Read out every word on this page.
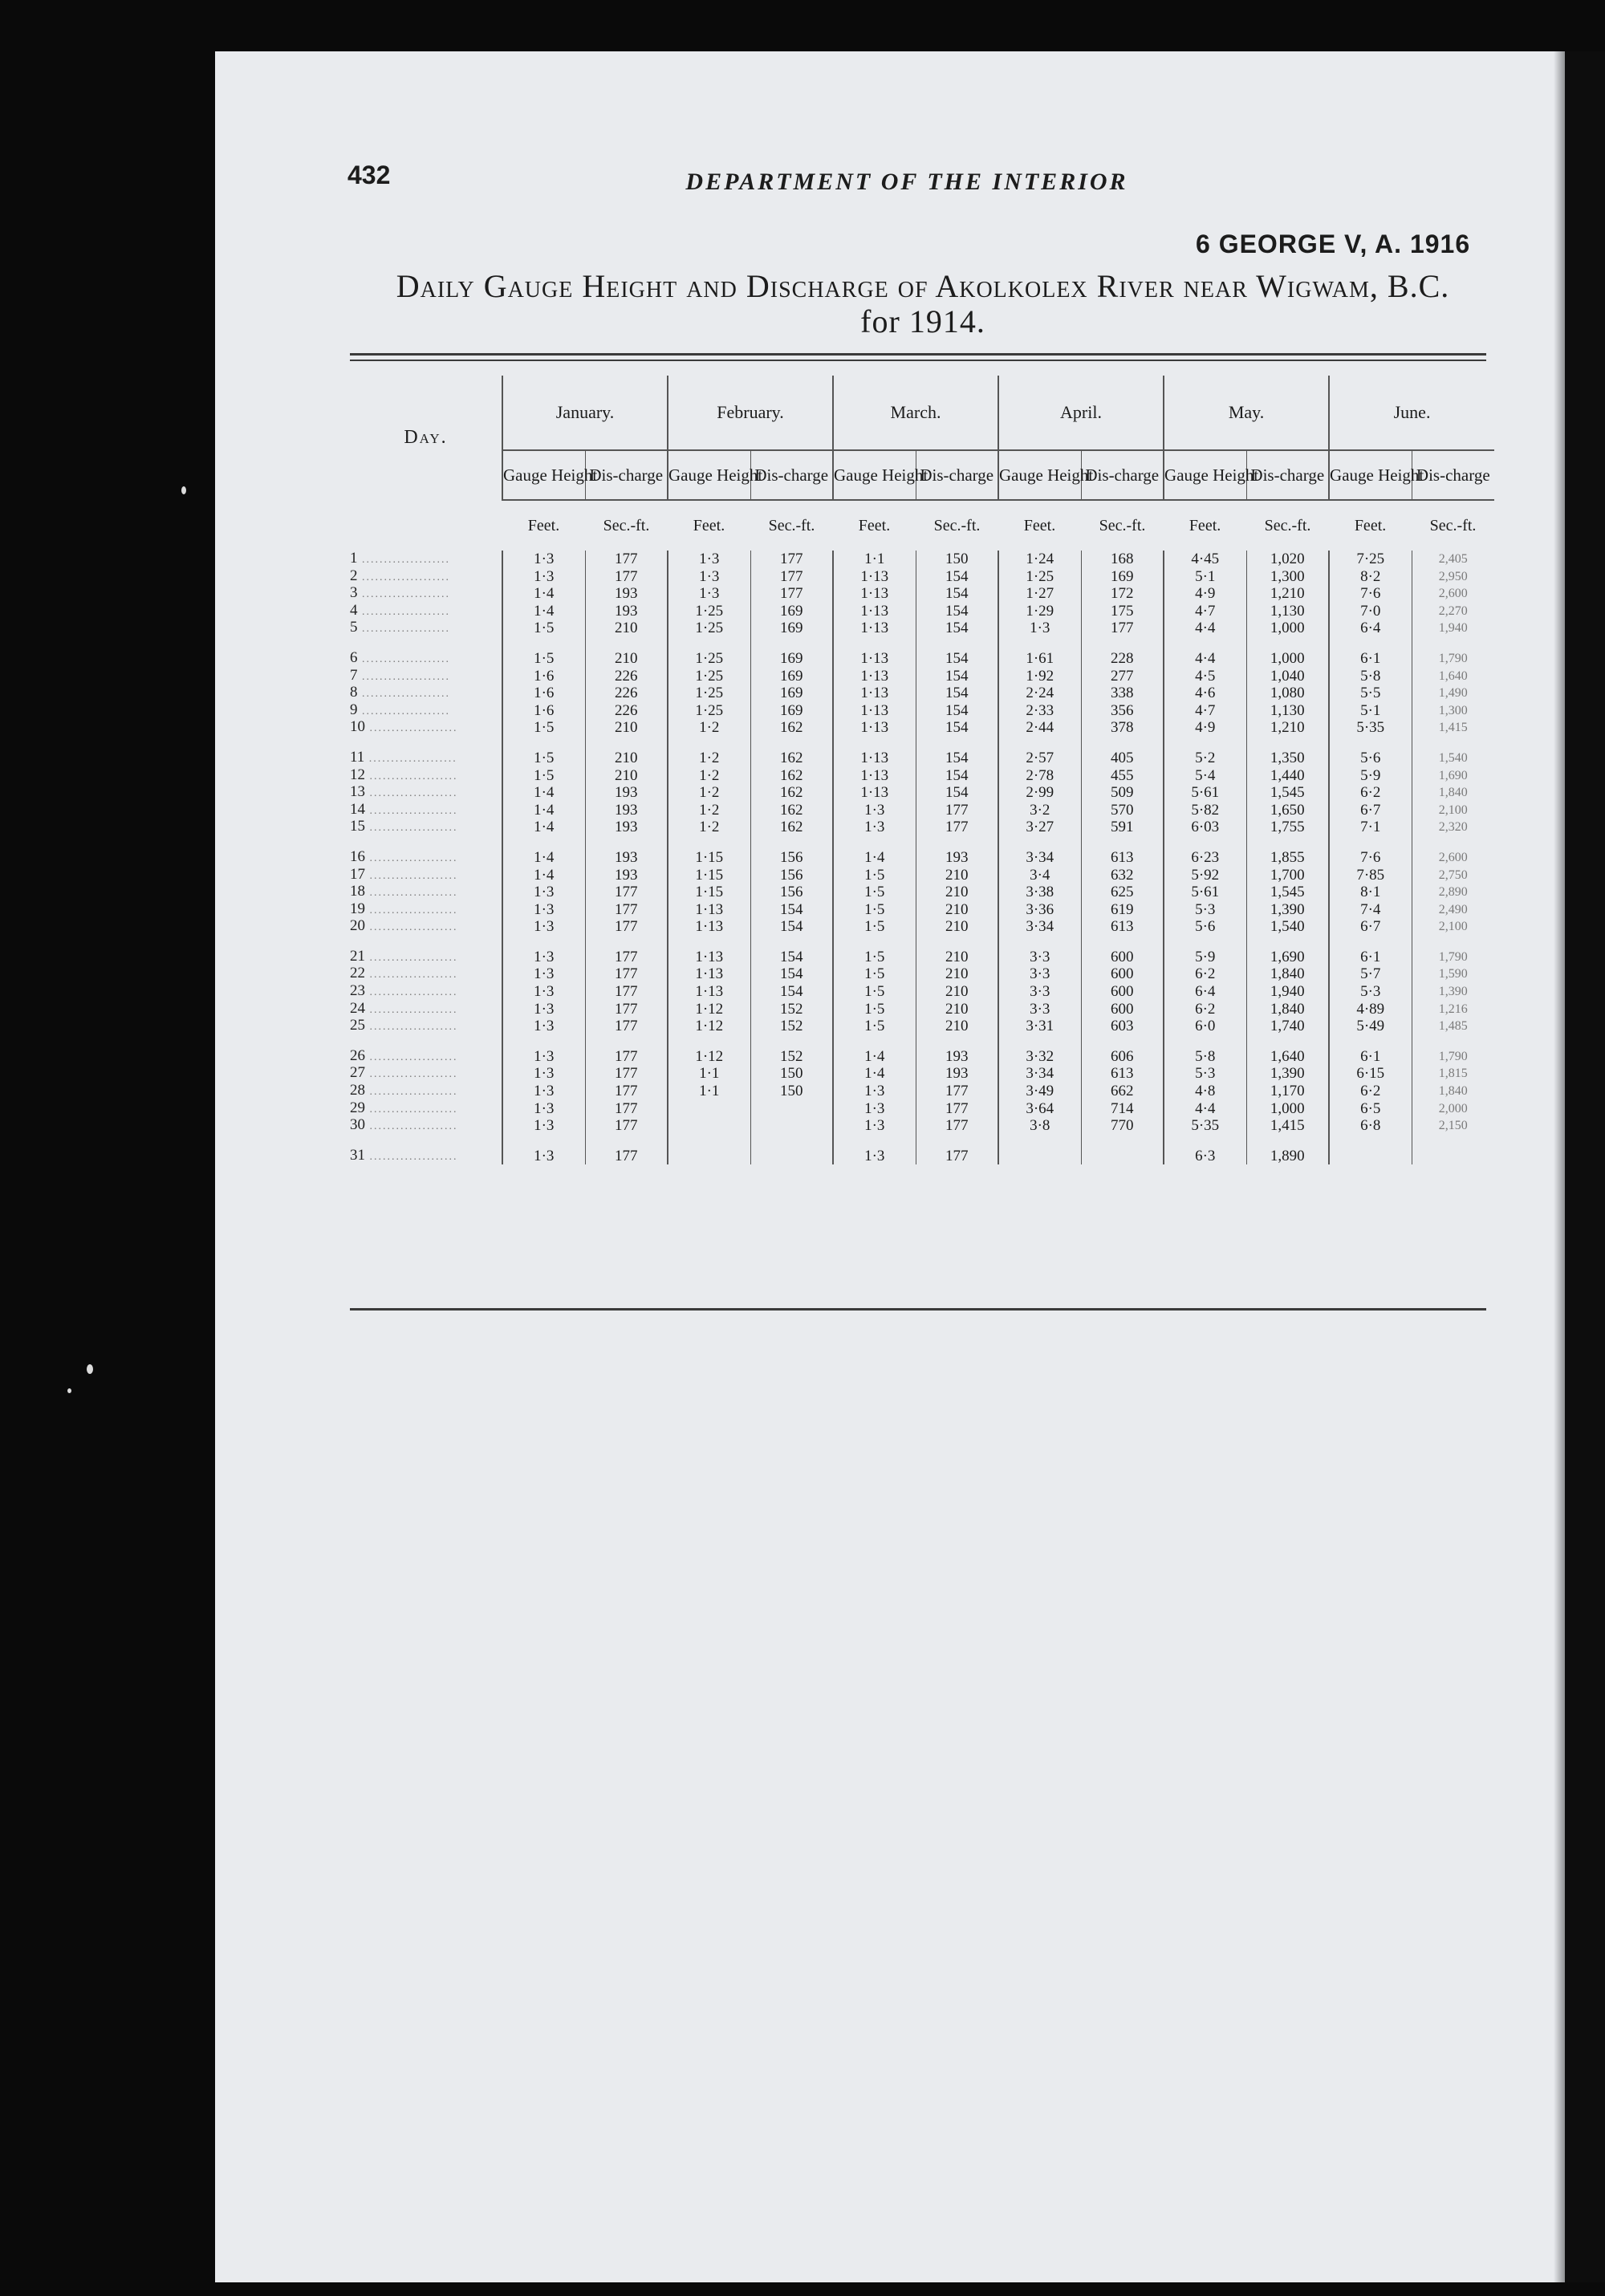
432	DEPARTMENT OF THE INTERIOR
6 GEORGE V, A. 1916
Daily Gauge Height and Discharge of Akolkolex River near Wigwam, B.C.
for 1914.
Day.	January.		February.		March.		April.		May.		June.	
	Gauge Height	Dis-charge	Gauge Height	Dis-charge	Gauge Height	Dis-charge	Gauge Height	Dis-charge	Gauge Height	Dis-charge	Gauge Height	Dis-charge
	Feet.	Sec.-ft.	Feet.	Sec.-ft.	Feet.	Sec.-ft.	Feet.	Sec.-ft.	Feet.	Sec.-ft.	Feet.	Sec.-ft.
1 ....................	1·3	177	1·3	177	1·1	150	1·24	168	4·45	1,020	7·25	2,405
2 ....................	1·3	177	1·3	177	1·13	154	1·25	169	5·1	1,300	8·2	2,950
3 ....................	1·4	193	1·3	177	1·13	154	1·27	172	4·9	1,210	7·6	2,600
4 ....................	1·4	193	1·25	169	1·13	154	1·29	175	4·7	1,130	7·0	2,270
5 ....................	1·5	210	1·25	169	1·13	154	1·3	177	4·4	1,000	6·4	1,940

6 ....................	1·5	210	1·25	169	1·13	154	1·61	228	4·4	1,000	6·1	1,790
7 ....................	1·6	226	1·25	169	1·13	154	1·92	277	4·5	1,040	5·8	1,640
8 ....................	1·6	226	1·25	169	1·13	154	2·24	338	4·6	1,080	5·5	1,490
9 ....................	1·6	226	1·25	169	1·13	154	2·33	356	4·7	1,130	5·1	1,300
10 ....................	1·5	210	1·2	162	1·13	154	2·44	378	4·9	1,210	5·35	1,415

11 ....................	1·5	210	1·2	162	1·13	154	2·57	405	5·2	1,350	5·6	1,540
12 ....................	1·5	210	1·2	162	1·13	154	2·78	455	5·4	1,440	5·9	1,690
13 ....................	1·4	193	1·2	162	1·13	154	2·99	509	5·61	1,545	6·2	1,840
14 ....................	1·4	193	1·2	162	1·3	177	3·2	570	5·82	1,650	6·7	2,100
15 ....................	1·4	193	1·2	162	1·3	177	3·27	591	6·03	1,755	7·1	2,320

16 ....................	1·4	193	1·15	156	1·4	193	3·34	613	6·23	1,855	7·6	2,600
17 ....................	1·4	193	1·15	156	1·5	210	3·4	632	5·92	1,700	7·85	2,750
18 ....................	1·3	177	1·15	156	1·5	210	3·38	625	5·61	1,545	8·1	2,890
19 ....................	1·3	177	1·13	154	1·5	210	3·36	619	5·3	1,390	7·4	2,490
20 ....................	1·3	177	1·13	154	1·5	210	3·34	613	5·6	1,540	6·7	2,100

21 ....................	1·3	177	1·13	154	1·5	210	3·3	600	5·9	1,690	6·1	1,790
22 ....................	1·3	177	1·13	154	1·5	210	3·3	600	6·2	1,840	5·7	1,590
23 ....................	1·3	177	1·13	154	1·5	210	3·3	600	6·4	1,940	5·3	1,390
24 ....................	1·3	177	1·12	152	1·5	210	3·3	600	6·2	1,840	4·89	1,216
25 ....................	1·3	177	1·12	152	1·5	210	3·31	603	6·0	1,740	5·49	1,485

26 ....................	1·3	177	1·12	152	1·4	193	3·32	606	5·8	1,640	6·1	1,790
27 ....................	1·3	177	1·1	150	1·4	193	3·34	613	5·3	1,390	6·15	1,815
28 ....................	1·3	177	1·1	150	1·3	177	3·49	662	4·8	1,170	6·2	1,840
29 ....................	1·3	177			1·3	177	3·64	714	4·4	1,000	6·5	2,000
30 ....................	1·3	177			1·3	177	3·8	770	5·35	1,415	6·8	2,150

31 ....................	1·3	177			1·3	177			6·3	1,890		
